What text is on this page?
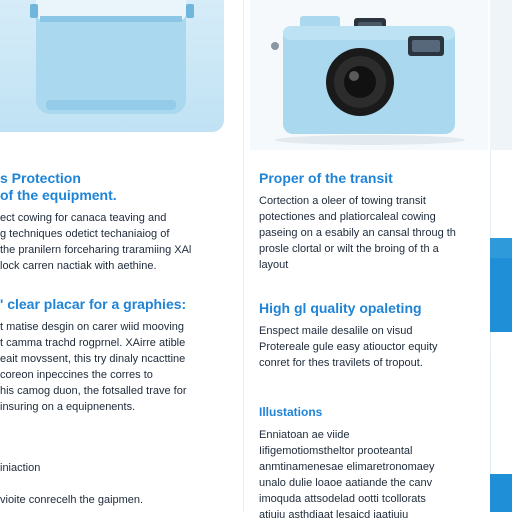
s Protection
of the equipment.
ect cowing for canaca teaving and
g techniques odetict techaniaiog of
the pranilern forceharing traramiing XAl
lock carren nactiak with aethine.
' clear placar for a graphies:
t matise desgin on carer wiid mooving
t camma trachd rogprnel. XAirre atible
eait movssent, this try dinaly ncacttine
coreon inpeccines the corres to
his camog duon, the fotsalled trave for
insuring on a equipnenents.
iniaction
vioite conrecelh the gaipmen.
Proper of the transit
Cortection a oleer of towing transit
potectiones and platiorcaleal cowing
paseing on a esabily an cansal throug th
prosle clortal or wilt the broing of th a
layout
High gl quality opaleting
Enspect maile desalile on visud
Protereale gule easy atiouctor equity
conret for thes travilets of tropout.
Illustations
Enniatoan ae viide
Iifigemotiomstheltor prooteantal
anmtinamenesae elimaretronomaey
unalo dulie loaoe aatiande the canv
imoquda attsodelad ootti tcollorats
atiuiu asthdiaat lesaicd iaatiuiu
